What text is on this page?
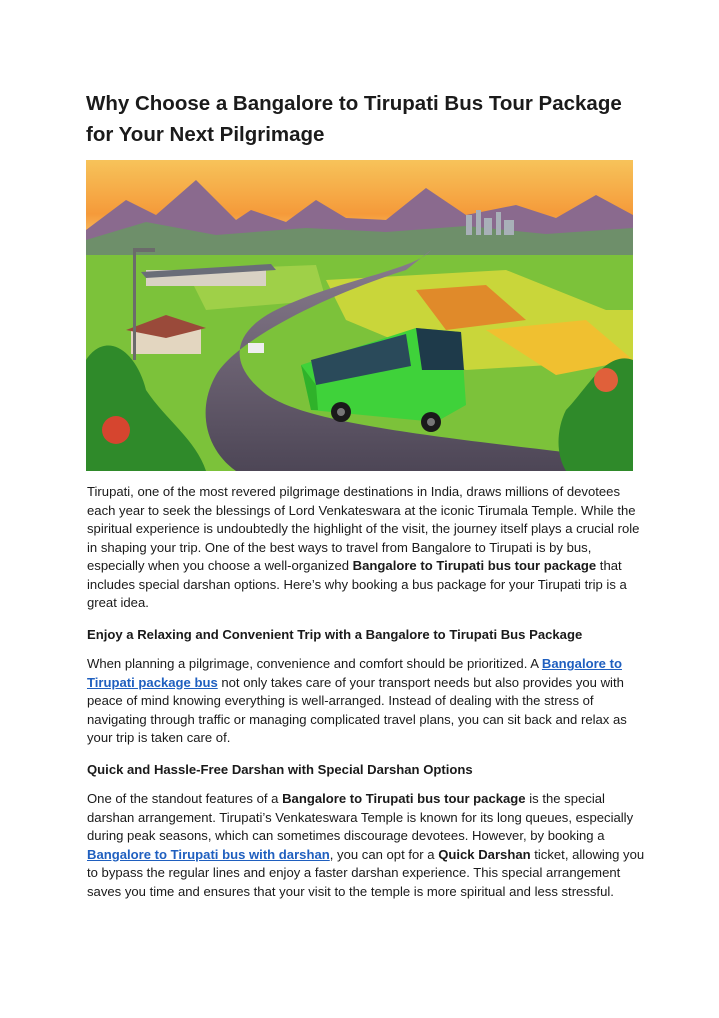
Why Choose a Bangalore to Tirupati Bus Tour Package for Your Next Pilgrimage

Tirupati, one of the most revered pilgrimage destinations in India, draws millions of devotees each year to seek the blessings of Lord Venkateswara at the iconic Tirumala Temple. While the spiritual experience is undoubtedly the highlight of the visit, the journey itself plays a crucial role in shaping your trip. One of the best ways to travel from Bangalore to Tirupati is by bus, especially when you choose a well-organized Bangalore to Tirupati bus tour package that includes special darshan options. Here’s why booking a bus package for your Tirupati trip is a great idea.

Enjoy a Relaxing and Convenient Trip with a Bangalore to Tirupati Bus Package

When planning a pilgrimage, convenience and comfort should be prioritized. A Bangalore to Tirupati package bus not only takes care of your transport needs but also provides you with peace of mind knowing everything is well-arranged. Instead of dealing with the stress of navigating through traffic or managing complicated travel plans, you can sit back and relax as your trip is taken care of.

Quick and Hassle-Free Darshan with Special Darshan Options

One of the standout features of a Bangalore to Tirupati bus tour package is the special darshan arrangement. Tirupati’s Venkateswara Temple is known for its long queues, especially during peak seasons, which can sometimes discourage devotees. However, by booking a Bangalore to Tirupati bus with darshan, you can opt for a Quick Darshan ticket, allowing you to bypass the regular lines and enjoy a faster darshan experience. This special arrangement saves you time and ensures that your visit to the temple is more spiritual and less stressful.
